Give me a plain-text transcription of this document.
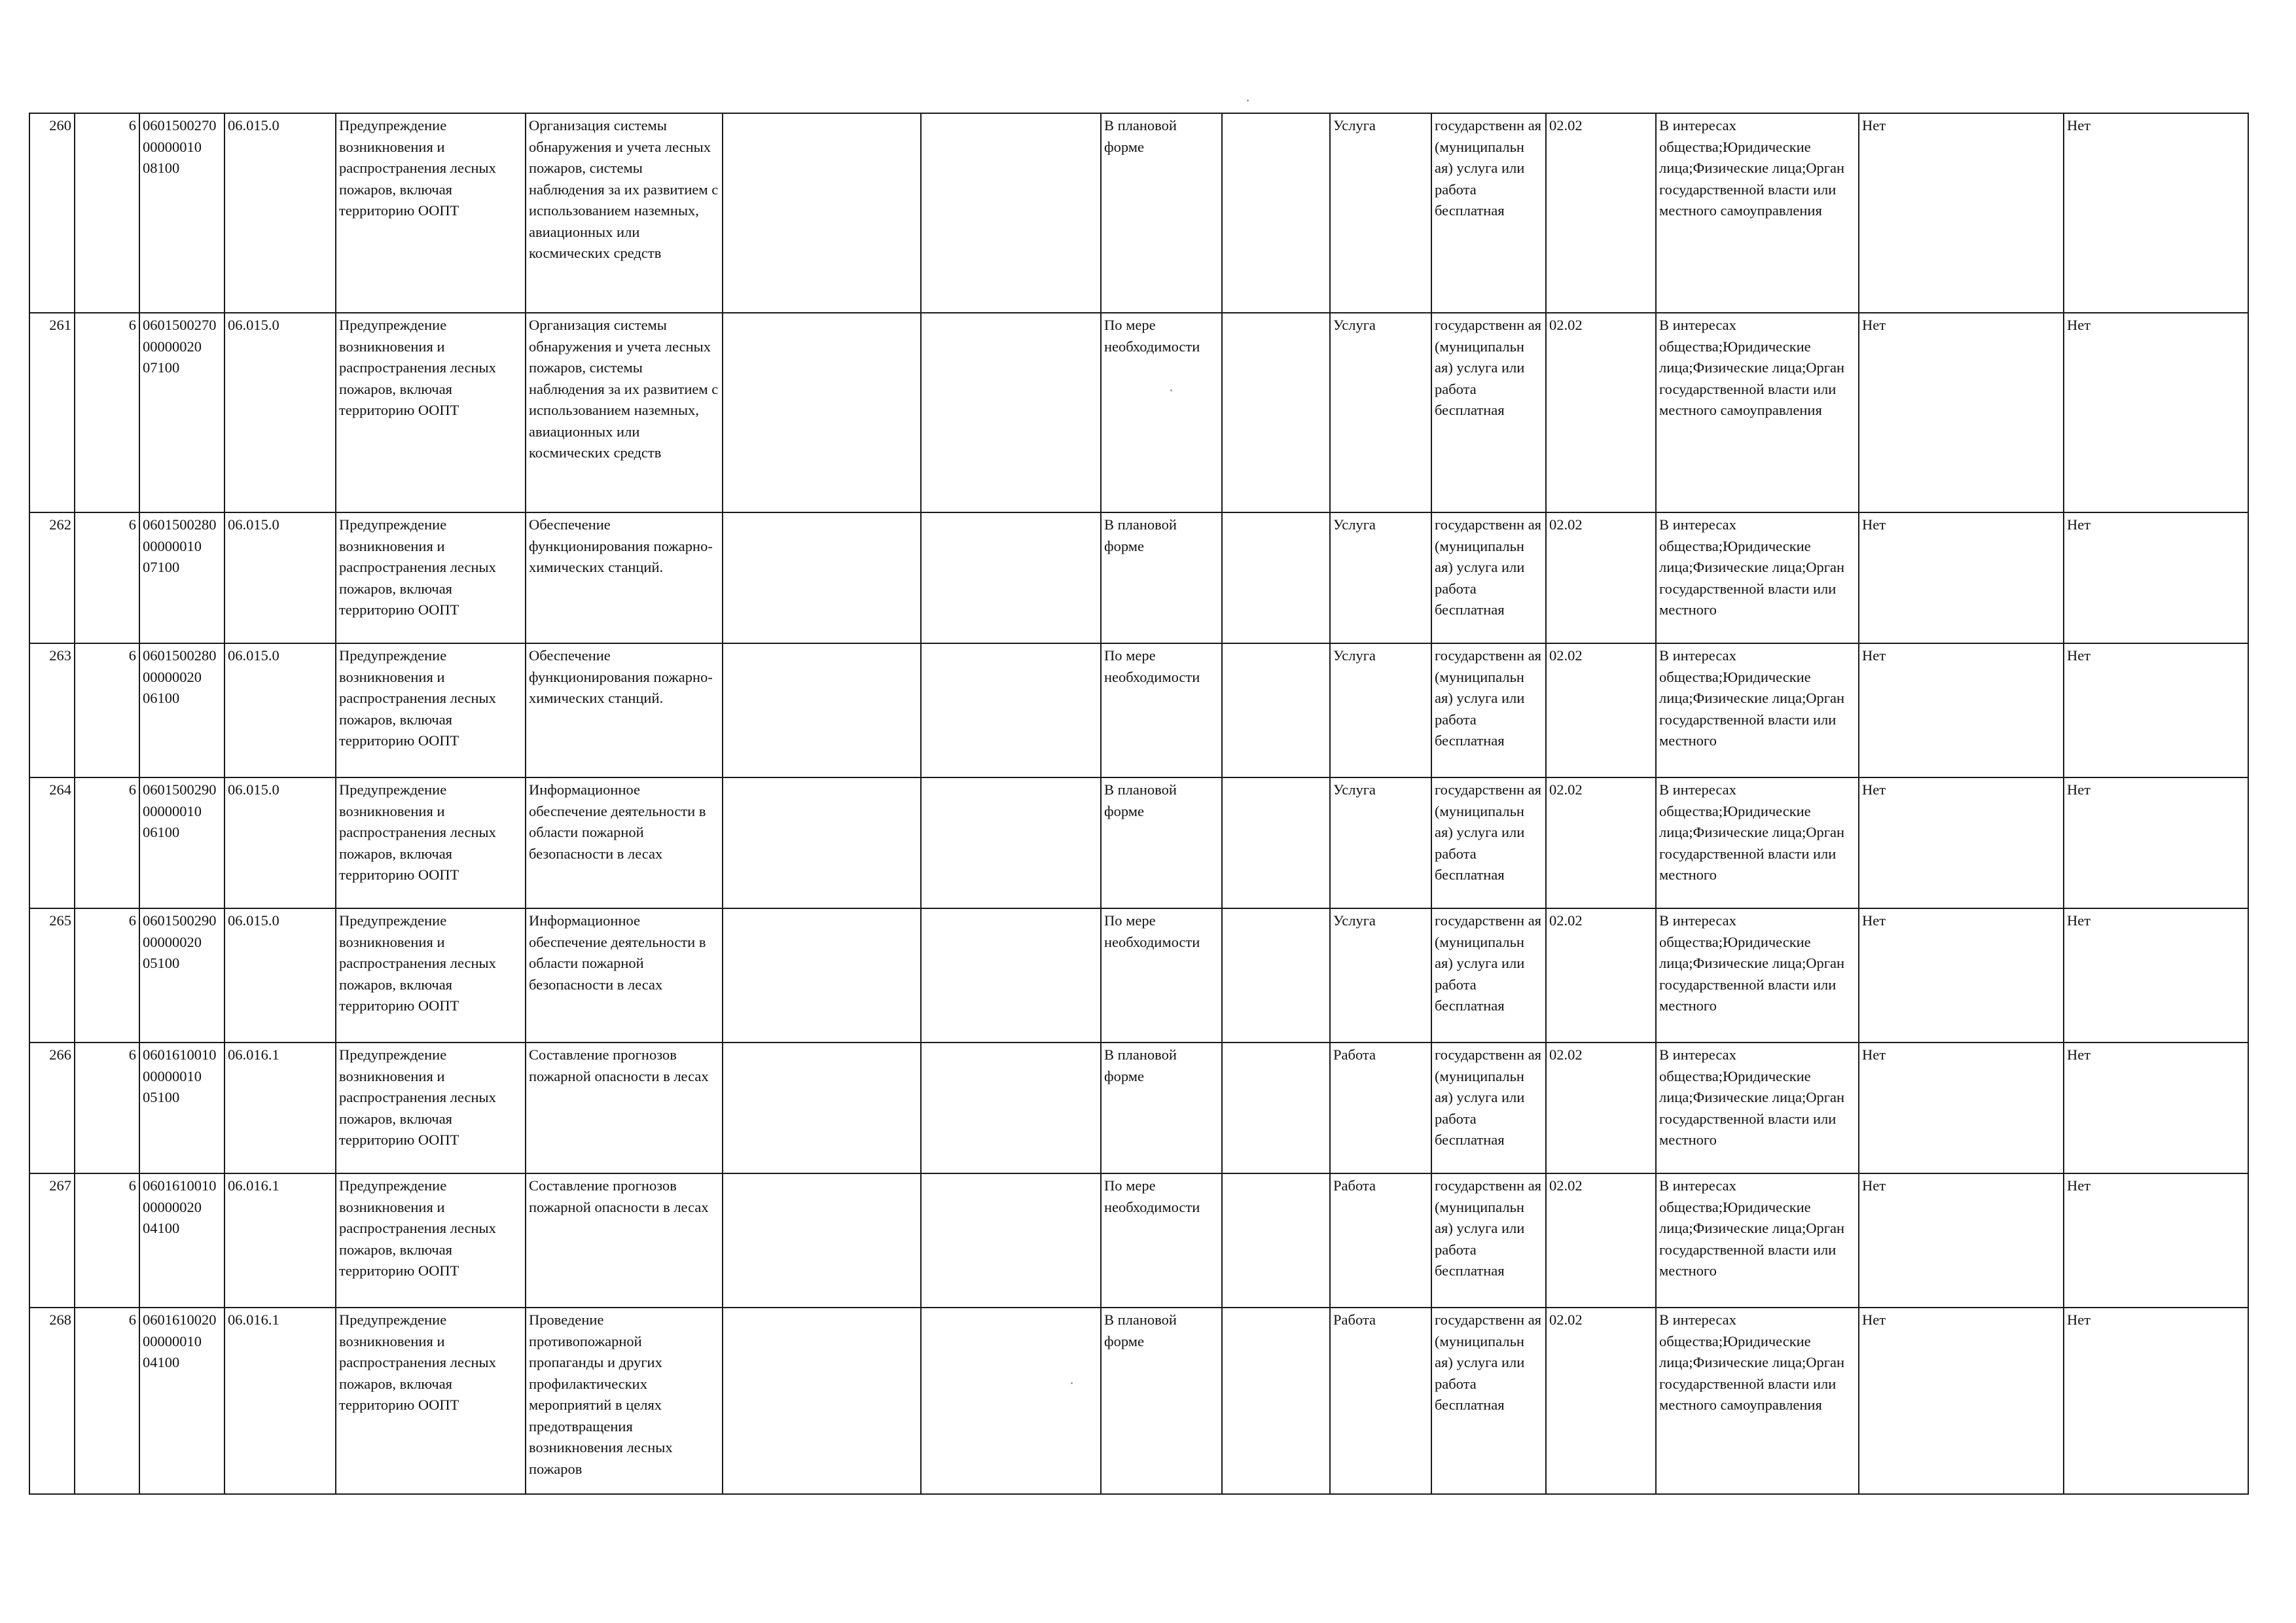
260	6	060150027000000010 08100	06.015.0	Предупреждение возникновения и распространения лесных пожаров, включая территорию ООПТ	Организация системы обнаружения и учета лесных пожаров, системы наблюдения за их развитием с использованием наземных, авиационных или космических средств			В плановой форме		Услуга	государственн ая (муниципальн ая) услуга или работа бесплатная	02.02	В интересах общества;Юридические лица;Физические лица;Орган государственной власти или местного самоуправления	Нет	Нет
261	6	060150027000000020 07100	06.015.0	Предупреждение возникновения и распространения лесных пожаров, включая территорию ООПТ	Организация системы обнаружения и учета лесных пожаров, системы наблюдения за их развитием с использованием наземных, авиационных или космических средств			По мере необходимости		Услуга	государственн ая (муниципальн ая) услуга или работа бесплатная	02.02	В интересах общества;Юридические лица;Физические лица;Орган государственной власти или местного самоуправления	Нет	Нет
262	6	060150028000000010 07100	06.015.0	Предупреждение возникновения и распространения лесных пожаров, включая территорию ООПТ	Обеспечение функционирования пожарно-химических станций.			В плановой форме		Услуга	государственн ая (муниципальн ая) услуга или работа бесплатная	02.02	В интересах общества;Юридические лица;Физические лица;Орган государственной власти или местного	Нет	Нет
263	6	060150028000000020 06100	06.015.0	Предупреждение возникновения и распространения лесных пожаров, включая территорию ООПТ	Обеспечение функционирования пожарно-химических станций.			По мере необходимости		Услуга	государственн ая (муниципальн ая) услуга или работа бесплатная	02.02	В интересах общества;Юридические лица;Физические лица;Орган государственной власти или местного	Нет	Нет
264	6	060150029000000010 06100	06.015.0	Предупреждение возникновения и распространения лесных пожаров, включая территорию ООПТ	Информационное обеспечение деятельности в области пожарной безопасности в лесах			В плановой форме		Услуга	государственн ая (муниципальн ая) услуга или работа бесплатная	02.02	В интересах общества;Юридические лица;Физические лица;Орган государственной власти или местного	Нет	Нет
265	6	060150029000000020 05100	06.015.0	Предупреждение возникновения и распространения лесных пожаров, включая территорию ООПТ	Информационное обеспечение деятельности в области пожарной безопасности в лесах			По мере необходимости		Услуга	государственн ая (муниципальн ая) услуга или работа бесплатная	02.02	В интересах общества;Юридические лица;Физические лица;Орган государственной власти или местного	Нет	Нет
266	6	060161001000000010 05100	06.016.1	Предупреждение возникновения и распространения лесных пожаров, включая территорию ООПТ	Составление прогнозов пожарной опасности в лесах			В плановой форме		Работа	государственн ая (муниципальн ая) услуга или работа бесплатная	02.02	В интересах общества;Юридические лица;Физические лица;Орган государственной власти или местного	Нет	Нет
267	6	060161001000000020 04100	06.016.1	Предупреждение возникновения и распространения лесных пожаров, включая территорию ООПТ	Составление прогнозов пожарной опасности в лесах			По мере необходимости		Работа	государственн ая (муниципальн ая) услуга или работа бесплатная	02.02	В интересах общества;Юридические лица;Физические лица;Орган государственной власти или местного	Нет	Нет
268	6	060161002000000010 04100	06.016.1	Предупреждение возникновения и распространения лесных пожаров, включая территорию ООПТ	Проведение противопожарной пропаганды и других профилактических мероприятий в целях предотвращения возникновения лесных пожаров			В плановой форме		Работа	государственн ая (муниципальн ая) услуга или работа бесплатная	02.02	В интересах общества;Юридические лица;Физические лица;Орган государственной власти или местного самоуправления	Нет	Нет
